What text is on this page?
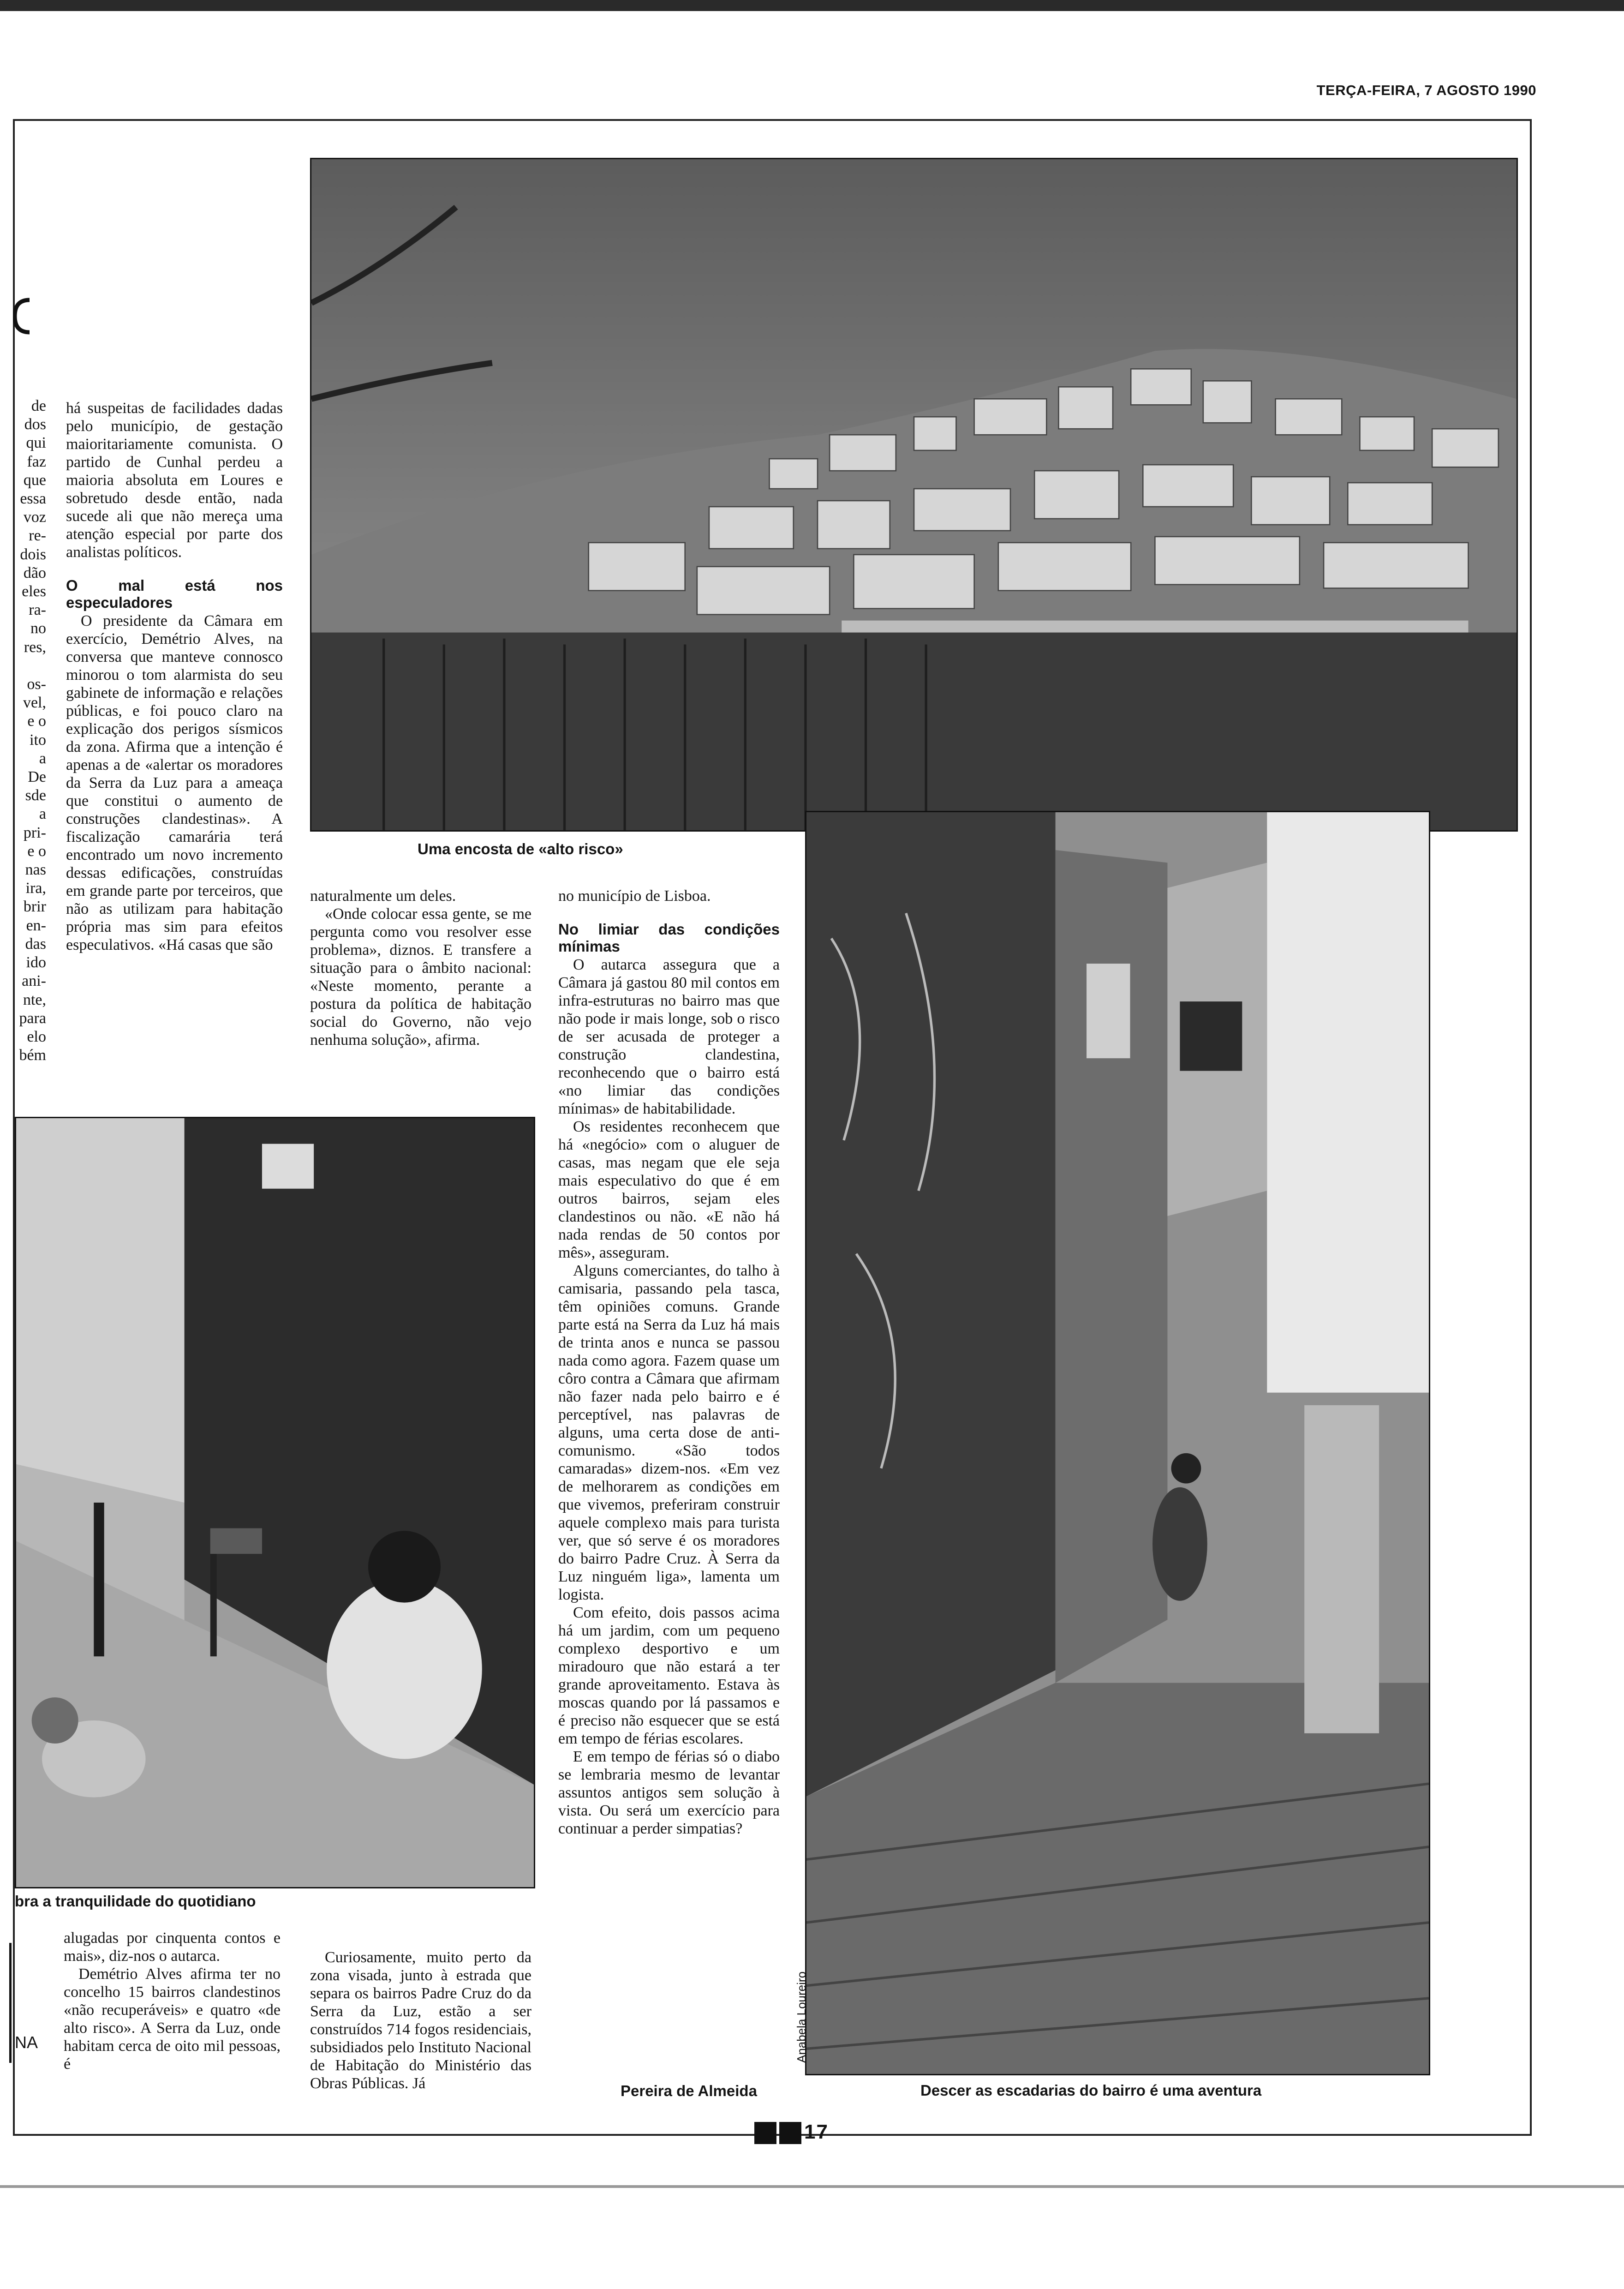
TERÇA-FEIRA, 7 AGOSTO 1990
de
dos
qui
faz
que
essa
voz
re-
dois
dão
eles
ra-
no
res,

os-
vel,
e o
ito
a
De
sde
a
pri-
e o
nas
ira,
brir
en-
das
ido
ani-
nte,
para
elo
bém

há suspeitas de facilidades dadas pelo município, de gestação maioritariamente comunista. O partido de Cunhal perdeu a maioria absoluta em Loures e sobretudo desde então, nada sucede ali que não mereça uma atenção especial por parte dos analistas políticos.

O mal está nos especuladores

O presidente da Câmara em exercício, Demétrio Alves, na conversa que manteve connosco minorou o tom alarmista do seu gabinete de informação e relações públicas, e foi pouco claro na explicação dos perigos sísmicos da zona. Afirma que a intenção é apenas a de «alertar os moradores da Serra da Luz para a ameaça que constitui o aumento de construções clandestinas». A fiscalização camarária terá encontrado um novo incremento dessas edificações, construídas em grande parte por terceiros, que não as utilizam para habitação própria mas sim para efeitos especulativos. «Há casas que são

Uma encosta de «alto risco»

naturalmente um deles.

«Onde colocar essa gente, se me pergunta como vou resolver esse problema», diznos. E transfere a situação para o âmbito nacional: «Neste momento, perante a postura da política de habitação social do Governo, não vejo nenhuma solução», afirma.

bra a tranquilidade do quotidiano

no município de Lisboa.

No limiar das condições mínimas

O autarca assegura que a Câmara já gastou 80 mil contos em infra-estruturas no bairro mas que não pode ir mais longe, sob o risco de ser acusada de proteger a construção clandestina, reconhecendo que o bairro está «no limiar das condições mínimas» de habitabilidade.

Os residentes reconhecem que há «negócio» com o aluguer de casas, mas negam que ele seja mais especulativo do que é em outros bairros, sejam eles clandestinos ou não. «E não há nada rendas de 50 contos por mês», asseguram.

Alguns comerciantes, do talho à camisaria, passando pela tasca, têm opiniões comuns. Grande parte está na Serra da Luz há mais de trinta anos e nunca se passou nada como agora. Fazem quase um côro contra a Câmara que afirmam não fazer nada pelo bairro e é perceptível, nas palavras de alguns, uma certa dose de anti-comunismo. «São todos camaradas» dizem-nos. «Em vez de melhorarem as condições em que vivemos, preferiram construir aquele complexo mais para turista ver, que só serve é os moradores do bairro Padre Cruz. À Serra da Luz ninguém liga», lamenta um logista.

Com efeito, dois passos acima há um jardim, com um pequeno complexo desportivo e um miradouro que não estará a ter grande aproveitamento. Estava às moscas quando por lá passamos e é preciso não esquecer que se está em tempo de férias escolares.

E em tempo de férias só o diabo se lembraria mesmo de levantar assuntos antigos sem solução à vista. Ou será um exercício para continuar a perder simpatias?

Pereira de Almeida
Anabela Loureiro
Descer as escadarias do bairro é uma aventura

alugadas por cinquenta contos e mais», diz-nos o autarca.

Demétrio Alves afirma ter no concelho 15 bairros clandestinos «não recuperáveis» e quatro «de alto risco». A Serra da Luz, onde habitam cerca de oito mil pessoas, é

Curiosamente, muito perto da zona visada, junto à estrada que separa os bairros Padre Cruz do da Serra da Luz, estão a ser construídos 714 fogos residenciais, subsidiados pelo Instituto Nacional de Habitação do Ministério das Obras Públicas. Já

NA
17
